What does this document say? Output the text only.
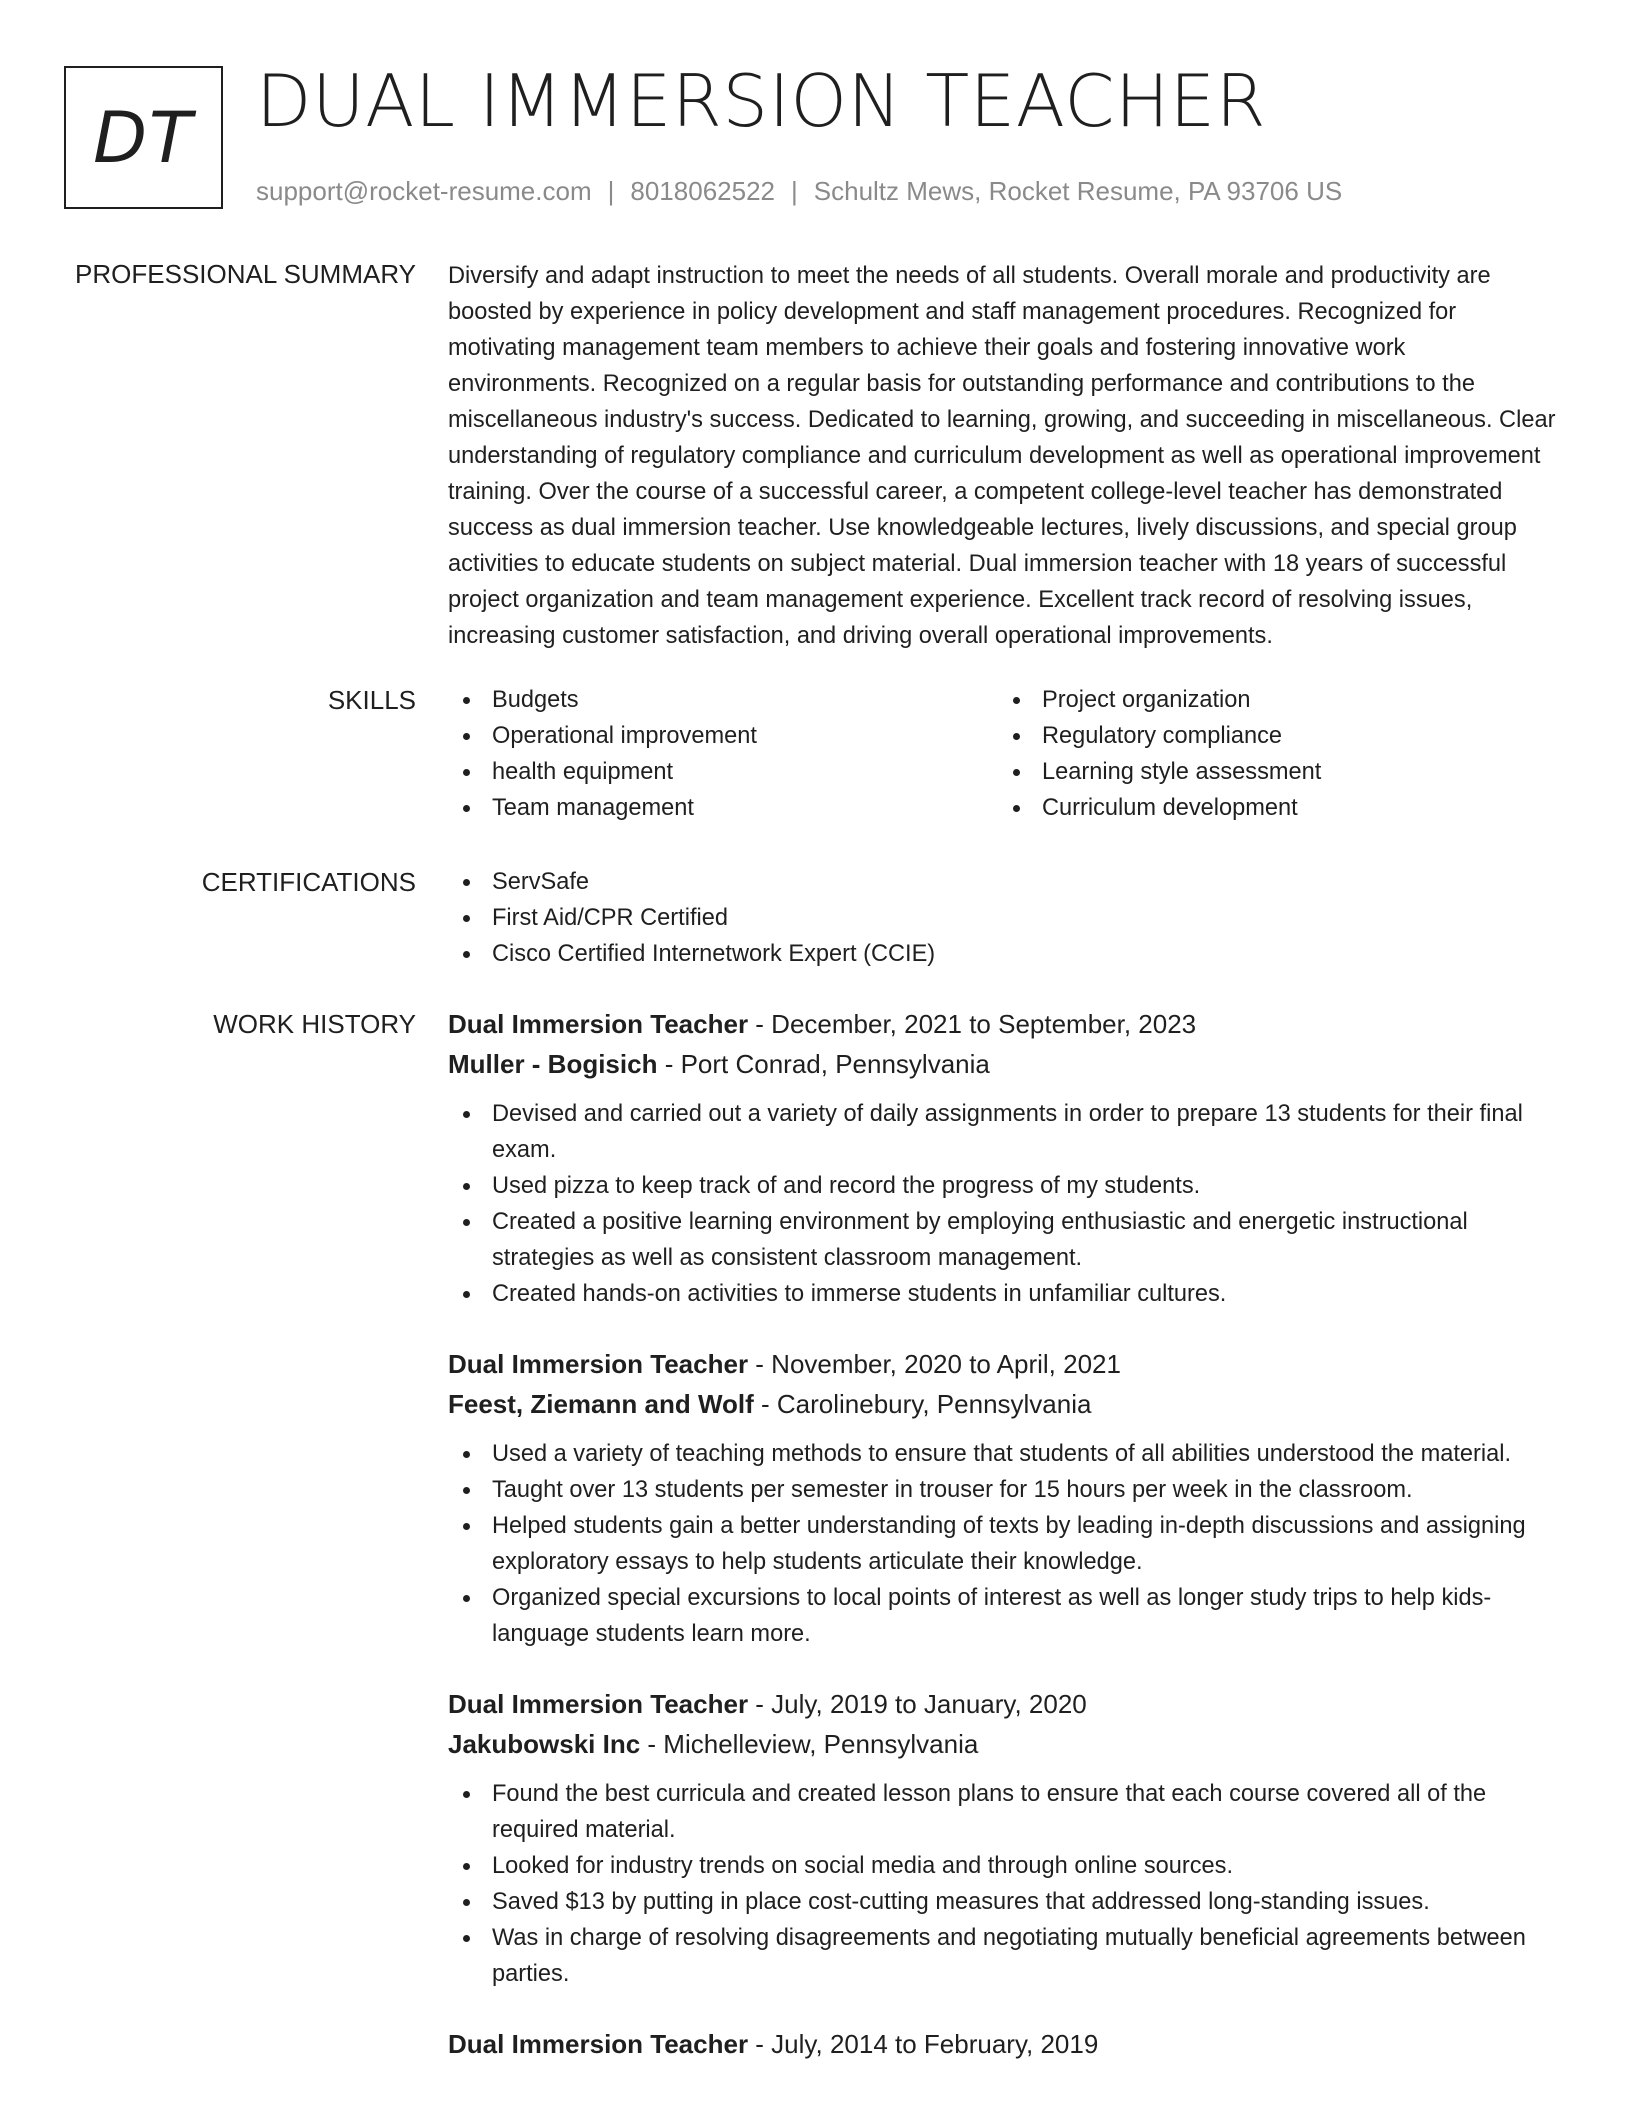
DT DUAL IMMERSION TEACHER
support@rocket-resume.com | 8018062522 | Schultz Mews, Rocket Resume, PA 93706 US
PROFESSIONAL SUMMARY Diversify and adapt instruction to meet the needs of all students. Overall morale and productivity are boosted by experience in policy development and staff management procedures. Recognized for motivating management team members to achieve their goals and fostering innovative work environments. Recognized on a regular basis for outstanding performance and contributions to the miscellaneous industry's success. Dedicated to learning, growing, and succeeding in miscellaneous. Clear understanding of regulatory compliance and curriculum development as well as operational improvement training. Over the course of a successful career, a competent college-level teacher has demonstrated success as dual immersion teacher. Use knowledgeable lectures, lively discussions, and special group activities to educate students on subject material. Dual immersion teacher with 18 years of successful project organization and team management experience. Excellent track record of resolving issues, increasing customer satisfaction, and driving overall operational improvements.
SKILLS	Budgets
Operational improvement
health equipment
Team management
Project organization
Regulatory compliance
Learning style assessment
Curriculum development
CERTIFICATIONS	ServSafe
First Aid/CPR Certified
Cisco Certified Internetwork Expert (CCIE)
WORK HISTORY Dual Immersion Teacher - December, 2021 to September, 2023
Muller - Bogisich - Port Conrad, Pennsylvania
Devised and carried out a variety of daily assignments in order to prepare 13 students for their final exam.
Used pizza to keep track of and record the progress of my students.
Created a positive learning environment by employing enthusiastic and energetic instructional strategies as well as consistent classroom management.
Created hands-on activities to immerse students in unfamiliar cultures.
Dual Immersion Teacher - November, 2020 to April, 2021
Feest, Ziemann and Wolf - Carolinebury, Pennsylvania
Used a variety of teaching methods to ensure that students of all abilities understood the material.
Taught over 13 students per semester in trouser for 15 hours per week in the classroom.
Helped students gain a better understanding of texts by leading in-depth discussions and assigning exploratory essays to help students articulate their knowledge.
Organized special excursions to local points of interest as well as longer study trips to help kids-language students learn more.
Dual Immersion Teacher - July, 2019 to January, 2020
Jakubowski Inc - Michelleview, Pennsylvania
Found the best curricula and created lesson plans to ensure that each course covered all of the required material.
Looked for industry trends on social media and through online sources.
Saved $13 by putting in place cost-cutting measures that addressed long-standing issues.
Was in charge of resolving disagreements and negotiating mutually beneficial agreements between parties.
Dual Immersion Teacher - July, 2014 to February, 2019
